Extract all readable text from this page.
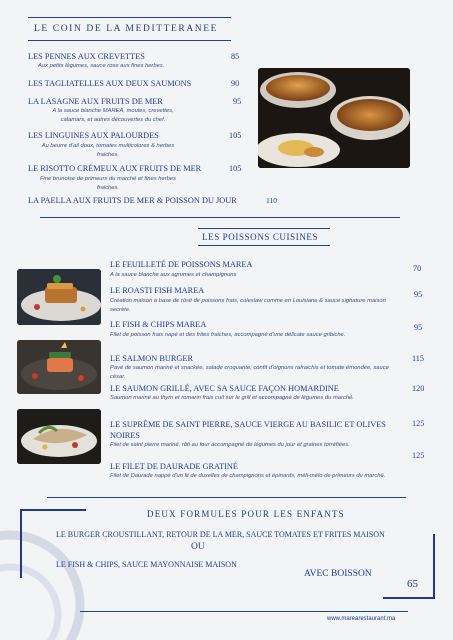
LE COIN DE LA MEDITTERANEE
LES PENNES AUX CREVETTES	85
Aux petits légumes, sauce rose aux fines herbes.
LES TAGLIATELLES AUX DEUX SAUMONS	90
LA LASAGNE AUX FRUITS DE MER	95
A la sauce blanche MAREA, moules, crevettes, calamars, et autres découvertes du chef.
LES LINGUINES AUX PALOURDES	105
Au beurre d'ail doux, tomates multicolores & herbes fraiches.
LE RISOTTO CRÉMEUX AUX FRUITS DE MER	105
Fine brunoise de primeurs du marché et fines herbes fraiches.
LA PAELLA AUX FRUITS DE MER & POISSON DU JOUR	110
LES POISSONS CUISINES
LE FEUILLETÉ DE POISSONS MAREA	70
A la sauce blanche aux agrumes et champignons
LE ROASTI FISH MAREA	95
Création maison à base de rösti de poissons frais, coleslaw comme en Louisiane & sauce signature maison secrète.
LE FISH & CHIPS MAREA	95
Filet de poisson frais napé et des frites fraiches, accompagné d'une délicate sauce gribiche.
LE SALMON BURGER	115
Pavé de saumon mariné et snackée, salade croquante, confit d'oignons rafraichis et tomate émondée, sauce césar.
LE SAUMON GRILLÉ, AVEC SA SAUCE FAÇON HOMARDINE	120
Saumon mariné au thym et romarin frais cuit sur le grill et accompagné de légumes du marché.
LE SUPRÊME DE SAINT PIERRE, SAUCE VIERGE AU BASILIC ET OLIVES NOIRES
125
Filet de saint pierre mariné, rôti au four accompagné de légumes du jour et graines torréfiées.
LE FILET DE DAURADE GRATINÉ
125
Filet de Daurade nappé d'un lit de duxelles de champignons et épinards, méli-mélo de primeurs du marché.
DEUX FORMULES POUR LES ENFANTS
LE BURGER CROUSTILLANT, RETOUR DE LA MER, SAUCE TOMATES ET FRITES MAISON
OU
LE FISH & CHIPS, SAUCE MAYONNAISE MAISON
AVEC BOISSON
65
www.marearestaurant.ma
